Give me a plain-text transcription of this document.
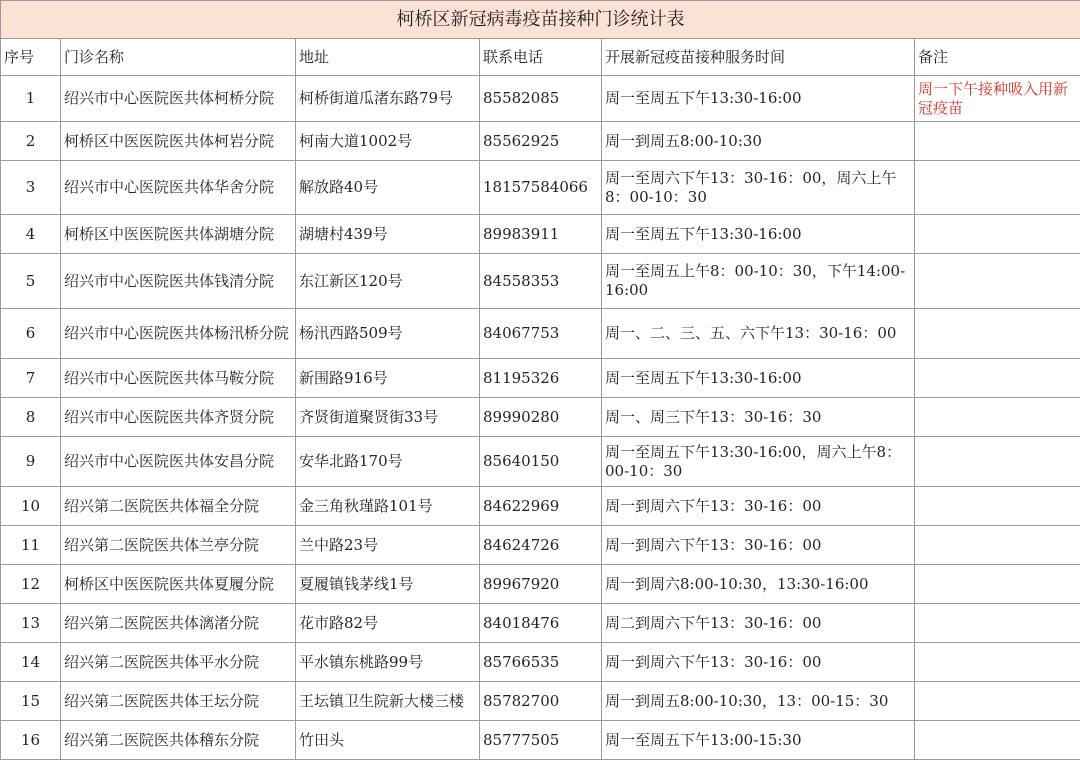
柯桥区新冠病毒疫苗接种门诊统计表					
序号	门诊名称	地址	联系电话	开展新冠疫苗接种服务时间	备注
1	绍兴市中心医院医共体柯桥分院	柯桥街道瓜渚东路79号	85582085	周一至周五下午13:30-16:00	周一下午接种吸入用新冠疫苗
2	柯桥区中医医院医共体柯岩分院	柯南大道1002号	85562925	周一到周五8:00-10:30	
3	绍兴市中心医院医共体华舍分院	解放路40号	18157584066	周一至周六下午13：30-16：00，周六上午8：00-10：30	
4	柯桥区中医医院医共体湖塘分院	湖塘村439号	89983911	周一至周五下午13:30-16:00	
5	绍兴市中心医院医共体钱清分院	东江新区120号	84558353	周一至周五上午8：00-10：30，下午14:00-16:00	
6	绍兴市中心医院医共体杨汛桥分院	杨汛西路509号	84067753	周一、二、三、五、六下午13：30-16：00	
7	绍兴市中心医院医共体马鞍分院	新围路916号	81195326	周一至周五下午13:30-16:00	
8	绍兴市中心医院医共体齐贤分院	齐贤街道聚贤街33号	89990280	周一、周三下午13：30-16：30	
9	绍兴市中心医院医共体安昌分院	安华北路170号	85640150	周一至周五下午13:30-16:00，周六上午8：00-10：30	
10	绍兴第二医院医共体福全分院	金三角秋瑾路101号	84622969	周一到周六下午13：30-16：00	
11	绍兴第二医院医共体兰亭分院	兰中路23号	84624726	周一到周六下午13：30-16：00	
12	柯桥区中医医院医共体夏履分院	夏履镇钱茅线1号	89967920	周一到周六8:00-10:30，13:30-16:00	
13	绍兴第二医院医共体漓渚分院	花市路82号	84018476	周二到周六下午13：30-16：00	
14	绍兴第二医院医共体平水分院	平水镇东桃路99号	85766535	周一到周六下午13：30-16：00	
15	绍兴第二医院医共体王坛分院	王坛镇卫生院新大楼三楼	85782700	周一到周五8:00-10:30，13：00-15：30	
16	绍兴第二医院医共体稽东分院	竹田头	85777505	周一至周五下午13:00-15:30	
